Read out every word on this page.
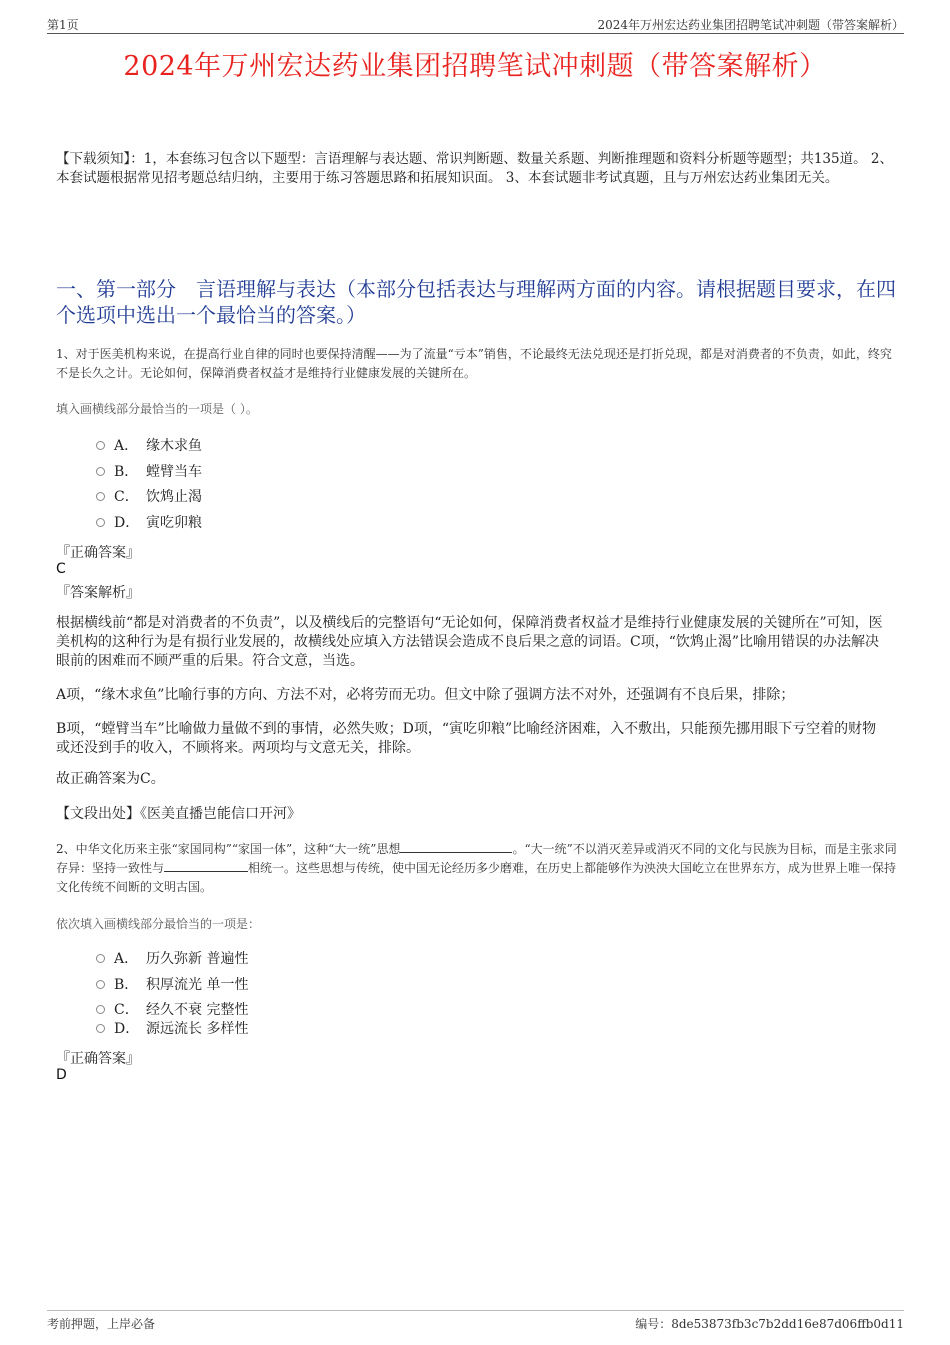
第1页	2024年万州宏达药业集团招聘笔试冲刺题（带答案解析）
2024年万州宏达药业集团招聘笔试冲刺题（带答案解析）
【下载须知】：1，本套练习包含以下题型：言语理解与表达题、常识判断题、数量关系题、判断推理题和资料分析题等题型；共135道。 2、本套试题根据常见招考题总结归纳，主要用于练习答题思路和拓展知识面。 3、本套试题非考试真题，且与万州宏达药业集团无关。
一、第一部分　言语理解与表达（本部分包括表达与理解两方面的内容。请根据题目要求，在四个选项中选出一个最恰当的答案。）
1、对于医美机构来说，在提高行业自律的同时也要保持清醒——为了流量“亏本”销售，不论最终无法兑现还是打折兑现，都是对消费者的不负责，如此，终究不是长久之计。无论如何，保障消费者权益才是维持行业健康发展的关键所在。
填入画横线部分最恰当的一项是（ ）。
A． 缘木求鱼
B． 螳臂当车
C． 饮鸩止渴
D． 寅吃卯粮
『正确答案』
C
『答案解析』
根据横线前“都是对消费者的不负责”，以及横线后的完整语句“无论如何，保障消费者权益才是维持行业健康发展的关键所在”可知，医美机构的这种行为是有损行业发展的，故横线处应填入方法错误会造成不良后果之意的词语。C项，“饮鸩止渴”比喻用错误的办法解决眼前的困难而不顾严重的后果。符合文意，当选。
A项，“缘木求鱼”比喻行事的方向、方法不对，必将劳而无功。但文中除了强调方法不对外，还强调有不良后果，排除；
B项，“螳臂当车”比喻做力量做不到的事情，必然失败；D项，“寅吃卯粮”比喻经济困难，入不敷出，只能预先挪用眼下亏空着的财物或还没到手的收入，不顾将来。两项均与文意无关，排除。
故正确答案为C。
【文段出处】《医美直播岂能信口开河》
2、中华文化历来主张“家国同构”“家国一体”，这种“大一统”思想	。“大一统”不以消灭差异或消灭不同的文化与民族为目标，而是主张求同存异：坚持一致性与	相统一。这些思想与传统，使中国无论经历多少磨难，在历史上都能够作为泱泱大国屹立在世界东方，成为世界上唯一保持文化传统不间断的文明古国。
依次填入画横线部分最恰当的一项是：
A． 历久弥新 普遍性
B． 积厚流光 单一性
C． 经久不衰 完整性
D． 源远流长 多样性
『正确答案』
D
考前押题，上岸必备	编号：8de53873fb3c7b2dd16e87d06ffb0d11
